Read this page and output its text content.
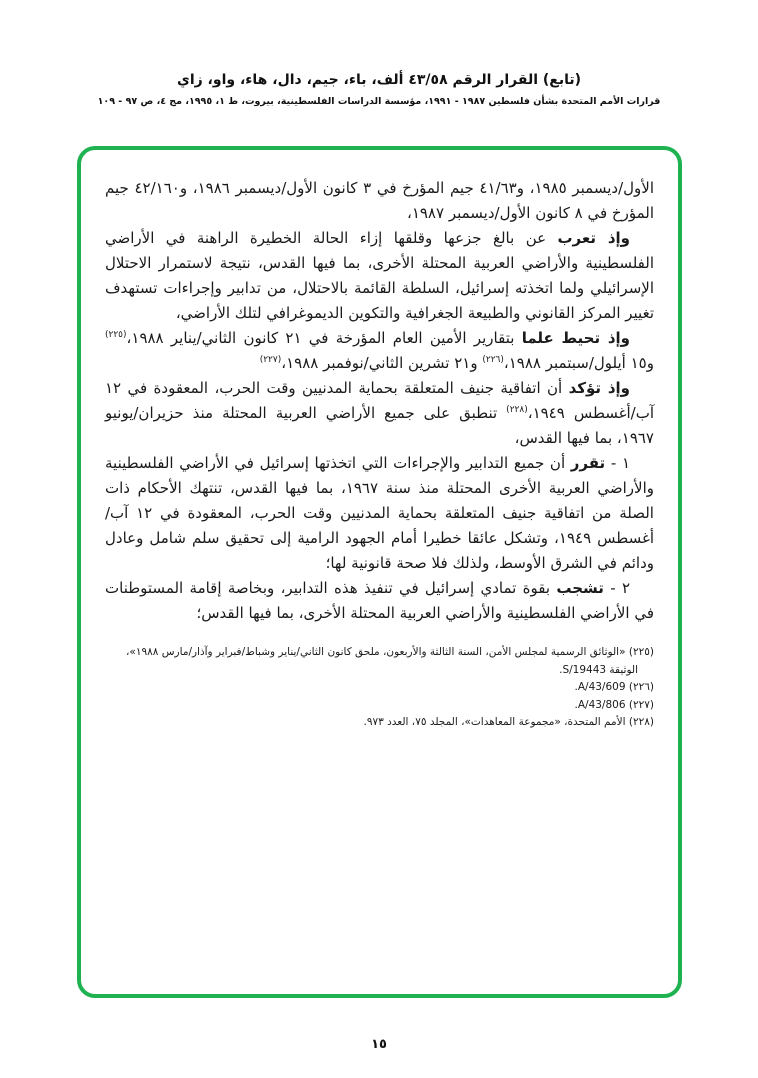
(تابع) القرار الرقم ٤٣/٥٨ ألف، باء، جيم، دال، هاء، واو، زاي
قرارات الأمم المتحدة بشأن فلسطين ١٩٨٧ - ١٩٩١، مؤسسة الدراسات الفلسطينية، بيروت، ط ١، ١٩٩٥، مج ٤، ص ٩٧ - ١٠٩

الأول/ديسمبر ١٩٨٥، و٤١/٦٣ جيم المؤرخ في ٣ كانون الأول/ديسمبر ١٩٨٦، و٤٢/١٦٠ جيم المؤرخ في ٨ كانون الأول/ديسمبر ١٩٨٧،

وإذ تعرب عن بالغ جزعها وقلقها إزاء الحالة الخطيرة الراهنة في الأراضي الفلسطينية والأراضي العربية المحتلة الأخرى، بما فيها القدس، نتيجة لاستمرار الاحتلال الإسرائيلي ولما اتخذته إسرائيل، السلطة القائمة بالاحتلال، من تدابير وإجراءات تستهدف تغيير المركز القانوني والطبيعة الجغرافية والتكوين الديموغرافي لتلك الأراضي،

وإذ تحيط علما بتقارير الأمين العام المؤرخة في ٢١ كانون الثاني/يناير ١٩٨٨،$^{(٢٢٥)}$ و١٥ أيلول/سبتمبر ١٩٨٨،$^{(٢٢٦)}$ و٢١ تشرين الثاني/نوفمبر ١٩٨٨،$^{(٢٢٧)}$

وإذ تؤكد أن اتفاقية جنيف المتعلقة بحماية المدنيين وقت الحرب، المعقودة في ١٢ آب/أغسطس ١٩٤٩،$^{(٢٢٨)}$ تنطبق على جميع الأراضي العربية المحتلة منذ حزيران/يونيو ١٩٦٧، بما فيها القدس،

١ - تقرر أن جميع التدابير والإجراءات التي اتخذتها إسرائيل في الأراضي الفلسطينية والأراضي العربية الأخرى المحتلة منذ سنة ١٩٦٧، بما فيها القدس، تنتهك الأحكام ذات الصلة من اتفاقية جنيف المتعلقة بحماية المدنيين وقت الحرب، المعقودة في ١٢ آب/أغسطس ١٩٤٩، وتشكل عائقا خطيرا أمام الجهود الرامية إلى تحقيق سلم شامل وعادل ودائم في الشرق الأوسط، ولذلك فلا صحة قانونية لها؛

٢ - تشجب بقوة تمادي إسرائيل في تنفيذ هذه التدابير، وبخاصة إقامة المستوطنات في الأراضي الفلسطينية والأراضي العربية المحتلة الأخرى، بما فيها القدس؛

(٢٢٥) «الوثائق الرسمية لمجلس الأمن، السنة الثالثة والأربعون، ملحق كانون الثاني/يناير وشباط/فبراير وآذار/مارس ١٩٨٨»، الوثيقة S/19443.
(٢٢٦) A/43/609.
(٢٢٧) A/43/806.
(٢٢٨) الأمم المتحدة، «مجموعة المعاهدات»، المجلد ٧٥، العدد ٩٧٣.
١٥
